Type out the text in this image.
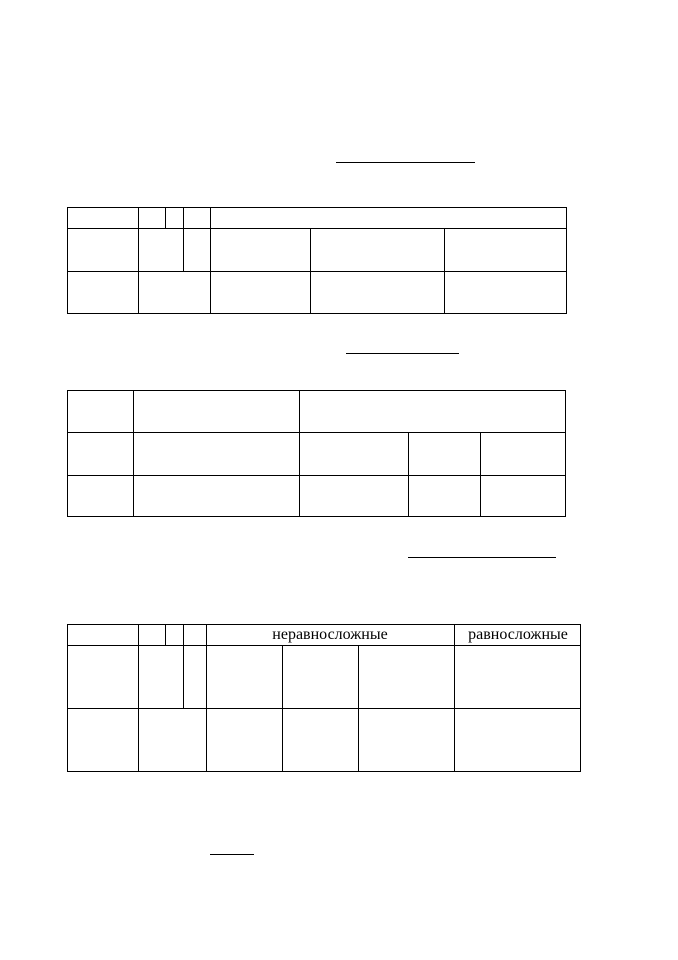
неравносложные	равносложные
